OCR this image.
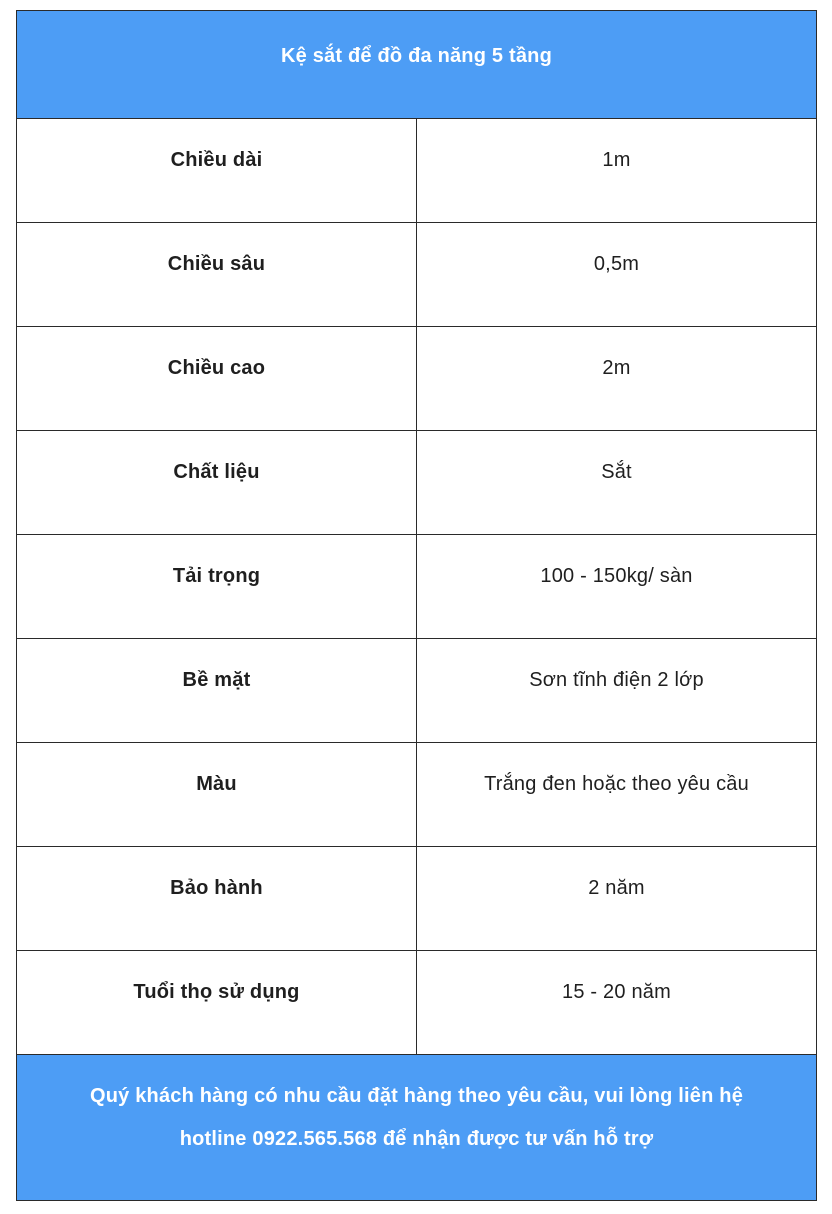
Kệ sắt để đồ đa năng 5 tầng	
Chiều dài	1m
Chiều sâu	0,5m
Chiều cao	2m
Chất liệu	Sắt
Tải trọng	100 - 150kg/ sàn
Bề mặt	Sơn tĩnh điện 2 lớp
Màu	Trắng đen hoặc theo yêu cầu
Bảo hành	2 năm
Tuổi thọ sử dụng	15 - 20 năm

Quý khách hàng có nhu cầu đặt hàng theo yêu cầu, vui lòng liên hệ
hotline 0922.565.568 để nhận được tư vấn hỗ trợ	
